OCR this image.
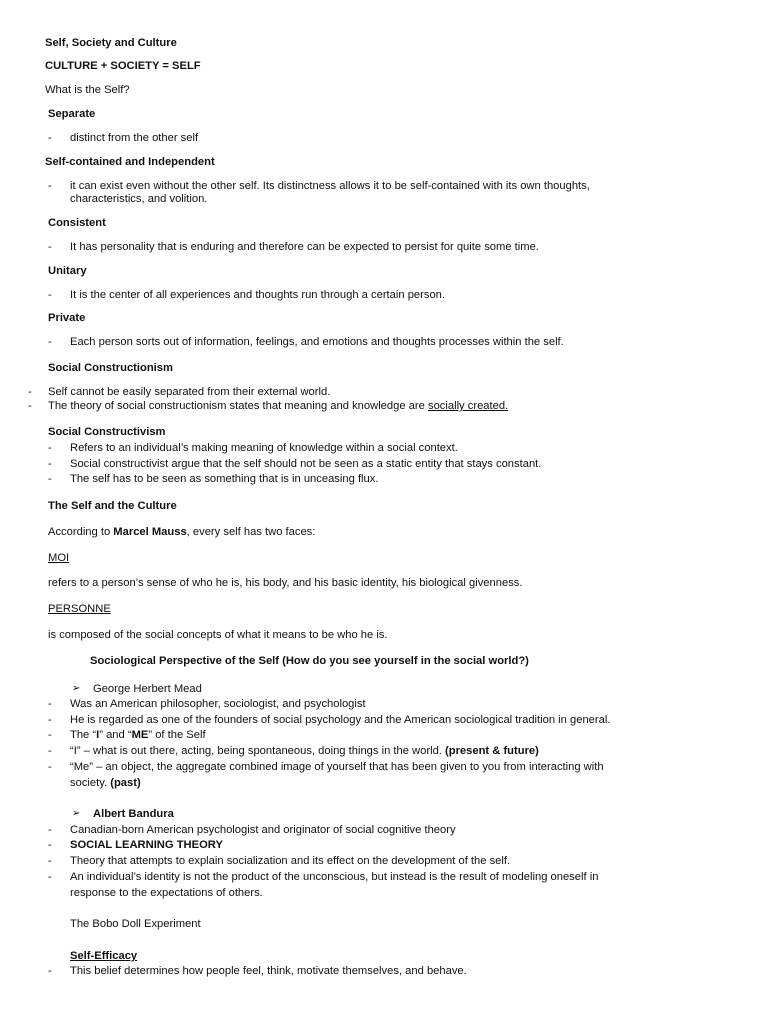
Self, Society and Culture
CULTURE + SOCIETY = SELF
What is the Self?
Separate
- distinct from the other self
Self-contained and Independent
- it can exist even without the other self. Its distinctness allows it to be self-contained with its own thoughts,
characteristics, and volition.
Consistent
- It has personality that is enduring and therefore can be expected to persist for quite some time.
Unitary
- It is the center of all experiences and thoughts run through a certain person.
Private
- Each person sorts out of information, feelings, and emotions and thoughts processes within the self.
Social Constructionism
- Self cannot be easily separated from their external world.
- The theory of social constructionism states that meaning and knowledge are socially created.
Social Constructivism
- Refers to an individual’s making meaning of knowledge within a social context.
- Social constructivist argue that the self should not be seen as a static entity that stays constant.
- The self has to be seen as something that is in unceasing flux.
The Self and the Culture
According to Marcel Mauss, every self has two faces:
MOI
refers to a person’s sense of who he is, his body, and his basic identity, his biological givenness.
PERSONNE
is composed of the social concepts of what it means to be who he is.
Sociological Perspective of the Self (How do you see yourself in the social world?)
➢ George Herbert Mead
- Was an American philosopher, sociologist, and psychologist
- He is regarded as one of the founders of social psychology and the American sociological tradition in general.
- The “I” and “ME” of the Self
- “I” – what is out there, acting, being spontaneous, doing things in the world. (present & future)
- “Me” – an object, the aggregate combined image of yourself that has been given to you from interacting with
society. (past)
➢ Albert Bandura
- Canadian-born American psychologist and originator of social cognitive theory
- SOCIAL LEARNING THEORY
- Theory that attempts to explain socialization and its effect on the development of the self.
- An individual’s identity is not the product of the unconscious, but instead is the result of modeling oneself in
response to the expectations of others.
The Bobo Doll Experiment
Self-Efficacy
- This belief determines how people feel, think, motivate themselves, and behave.
